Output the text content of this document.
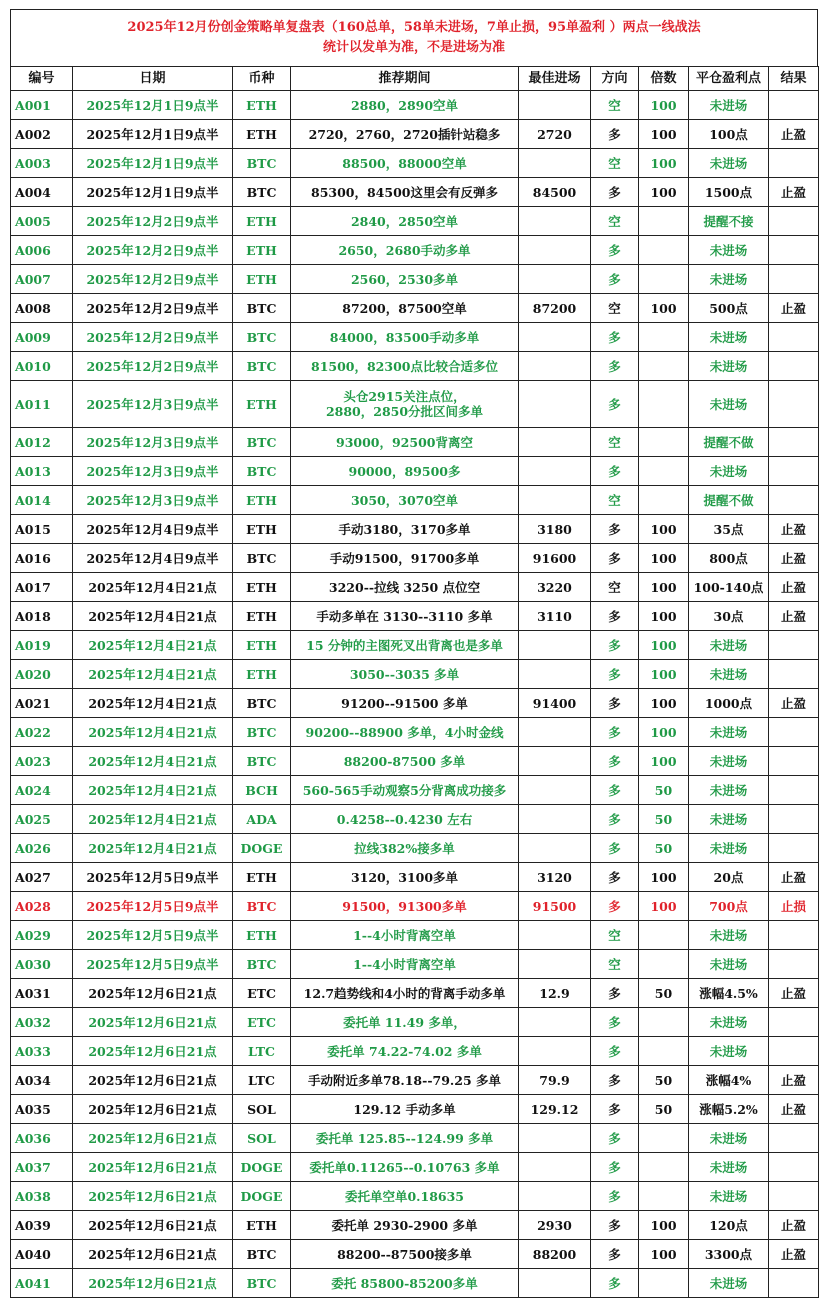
2025年12月份创金策略单复盘表（160总单，58单未进场，7单止损，95单盈利 ）两点一线战法
统计以发单为准，不是进场为准
编号	日期	币种	推荐期间	最佳进场	方向	倍数	平仓盈利点	结果
A001	2025年12月1日9点半	ETH	2880，2890空单		空	100	未进场	
A002	2025年12月1日9点半	ETH	2720，2760，2720插针站稳多	2720	多	100	100点	止盈
A003	2025年12月1日9点半	BTC	88500，88000空单		空	100	未进场	
A004	2025年12月1日9点半	BTC	85300，84500这里会有反弹多	84500	多	100	1500点	止盈
A005	2025年12月2日9点半	ETH	2840，2850空单		空		提醒不接	
A006	2025年12月2日9点半	ETH	2650，2680手动多单		多		未进场	
A007	2025年12月2日9点半	ETH	2560，2530多单		多		未进场	
A008	2025年12月2日9点半	BTC	87200，87500空单	87200	空	100	500点	止盈
A009	2025年12月2日9点半	BTC	84000，83500手动多单		多		未进场	
A010	2025年12月2日9点半	BTC	81500，82300点比较合适多位		多		未进场	
A011	2025年12月3日9点半	ETH	头仓2915关注点位，
2880，2850分批区间多单		多		未进场	
A012	2025年12月3日9点半	BTC	93000，92500背离空		空		提醒不做	
A013	2025年12月3日9点半	BTC	90000，89500多		多		未进场	
A014	2025年12月3日9点半	ETH	3050，3070空单		空		提醒不做	
A015	2025年12月4日9点半	ETH	手动3180，3170多单	3180	多	100	35点	止盈
A016	2025年12月4日9点半	BTC	手动91500，91700多单	91600	多	100	800点	止盈
A017	2025年12月4日21点	ETH	3220--拉线 3250 点位空	3220	空	100	100-140点	止盈
A018	2025年12月4日21点	ETH	手动多单在 3130--3110 多单	3110	多	100	30点	止盈
A019	2025年12月4日21点	ETH	15 分钟的主图死叉出背离也是多单		多	100	未进场	
A020	2025年12月4日21点	ETH	3050--3035 多单		多	100	未进场	
A021	2025年12月4日21点	BTC	91200--91500 多单	91400	多	100	1000点	止盈
A022	2025年12月4日21点	BTC	90200--88900 多单，4小时金线		多	100	未进场	
A023	2025年12月4日21点	BTC	88200-87500 多单		多	100	未进场	
A024	2025年12月4日21点	BCH	560-565手动观察5分背离成功接多		多	50	未进场	
A025	2025年12月4日21点	ADA	0.4258--0.4230 左右		多	50	未进场	
A026	2025年12月4日21点	DOGE	拉线382%接多单		多	50	未进场	
A027	2025年12月5日9点半	ETH	3120，3100多单	3120	多	100	20点	止盈
A028	2025年12月5日9点半	BTC	91500，91300多单	91500	多	100	700点	止损
A029	2025年12月5日9点半	ETH	1--4小时背离空单		空		未进场	
A030	2025年12月5日9点半	BTC	1--4小时背离空单		空		未进场	
A031	2025年12月6日21点	ETC	12.7趋势线和4小时的背离手动多单	12.9	多	50	涨幅4.5%	止盈
A032	2025年12月6日21点	ETC	委托单 11.49 多单，		多		未进场	
A033	2025年12月6日21点	LTC	委托单 74.22-74.02 多单		多		未进场	
A034	2025年12月6日21点	LTC	手动附近多单78.18--79.25 多单	79.9	多	50	涨幅4%	止盈
A035	2025年12月6日21点	SOL	129.12 手动多单	129.12	多	50	涨幅5.2%	止盈
A036	2025年12月6日21点	SOL	委托单 125.85--124.99 多单		多		未进场	
A037	2025年12月6日21点	DOGE	委托单0.11265--0.10763 多单		多		未进场	
A038	2025年12月6日21点	DOGE	委托单空单0.18635		多		未进场	
A039	2025年12月6日21点	ETH	委托单 2930-2900 多单	2930	多	100	120点	止盈
A040	2025年12月6日21点	BTC	88200--87500接多单	88200	多	100	3300点	止盈
A041	2025年12月6日21点	BTC	委托 85800-85200多单		多		未进场	
